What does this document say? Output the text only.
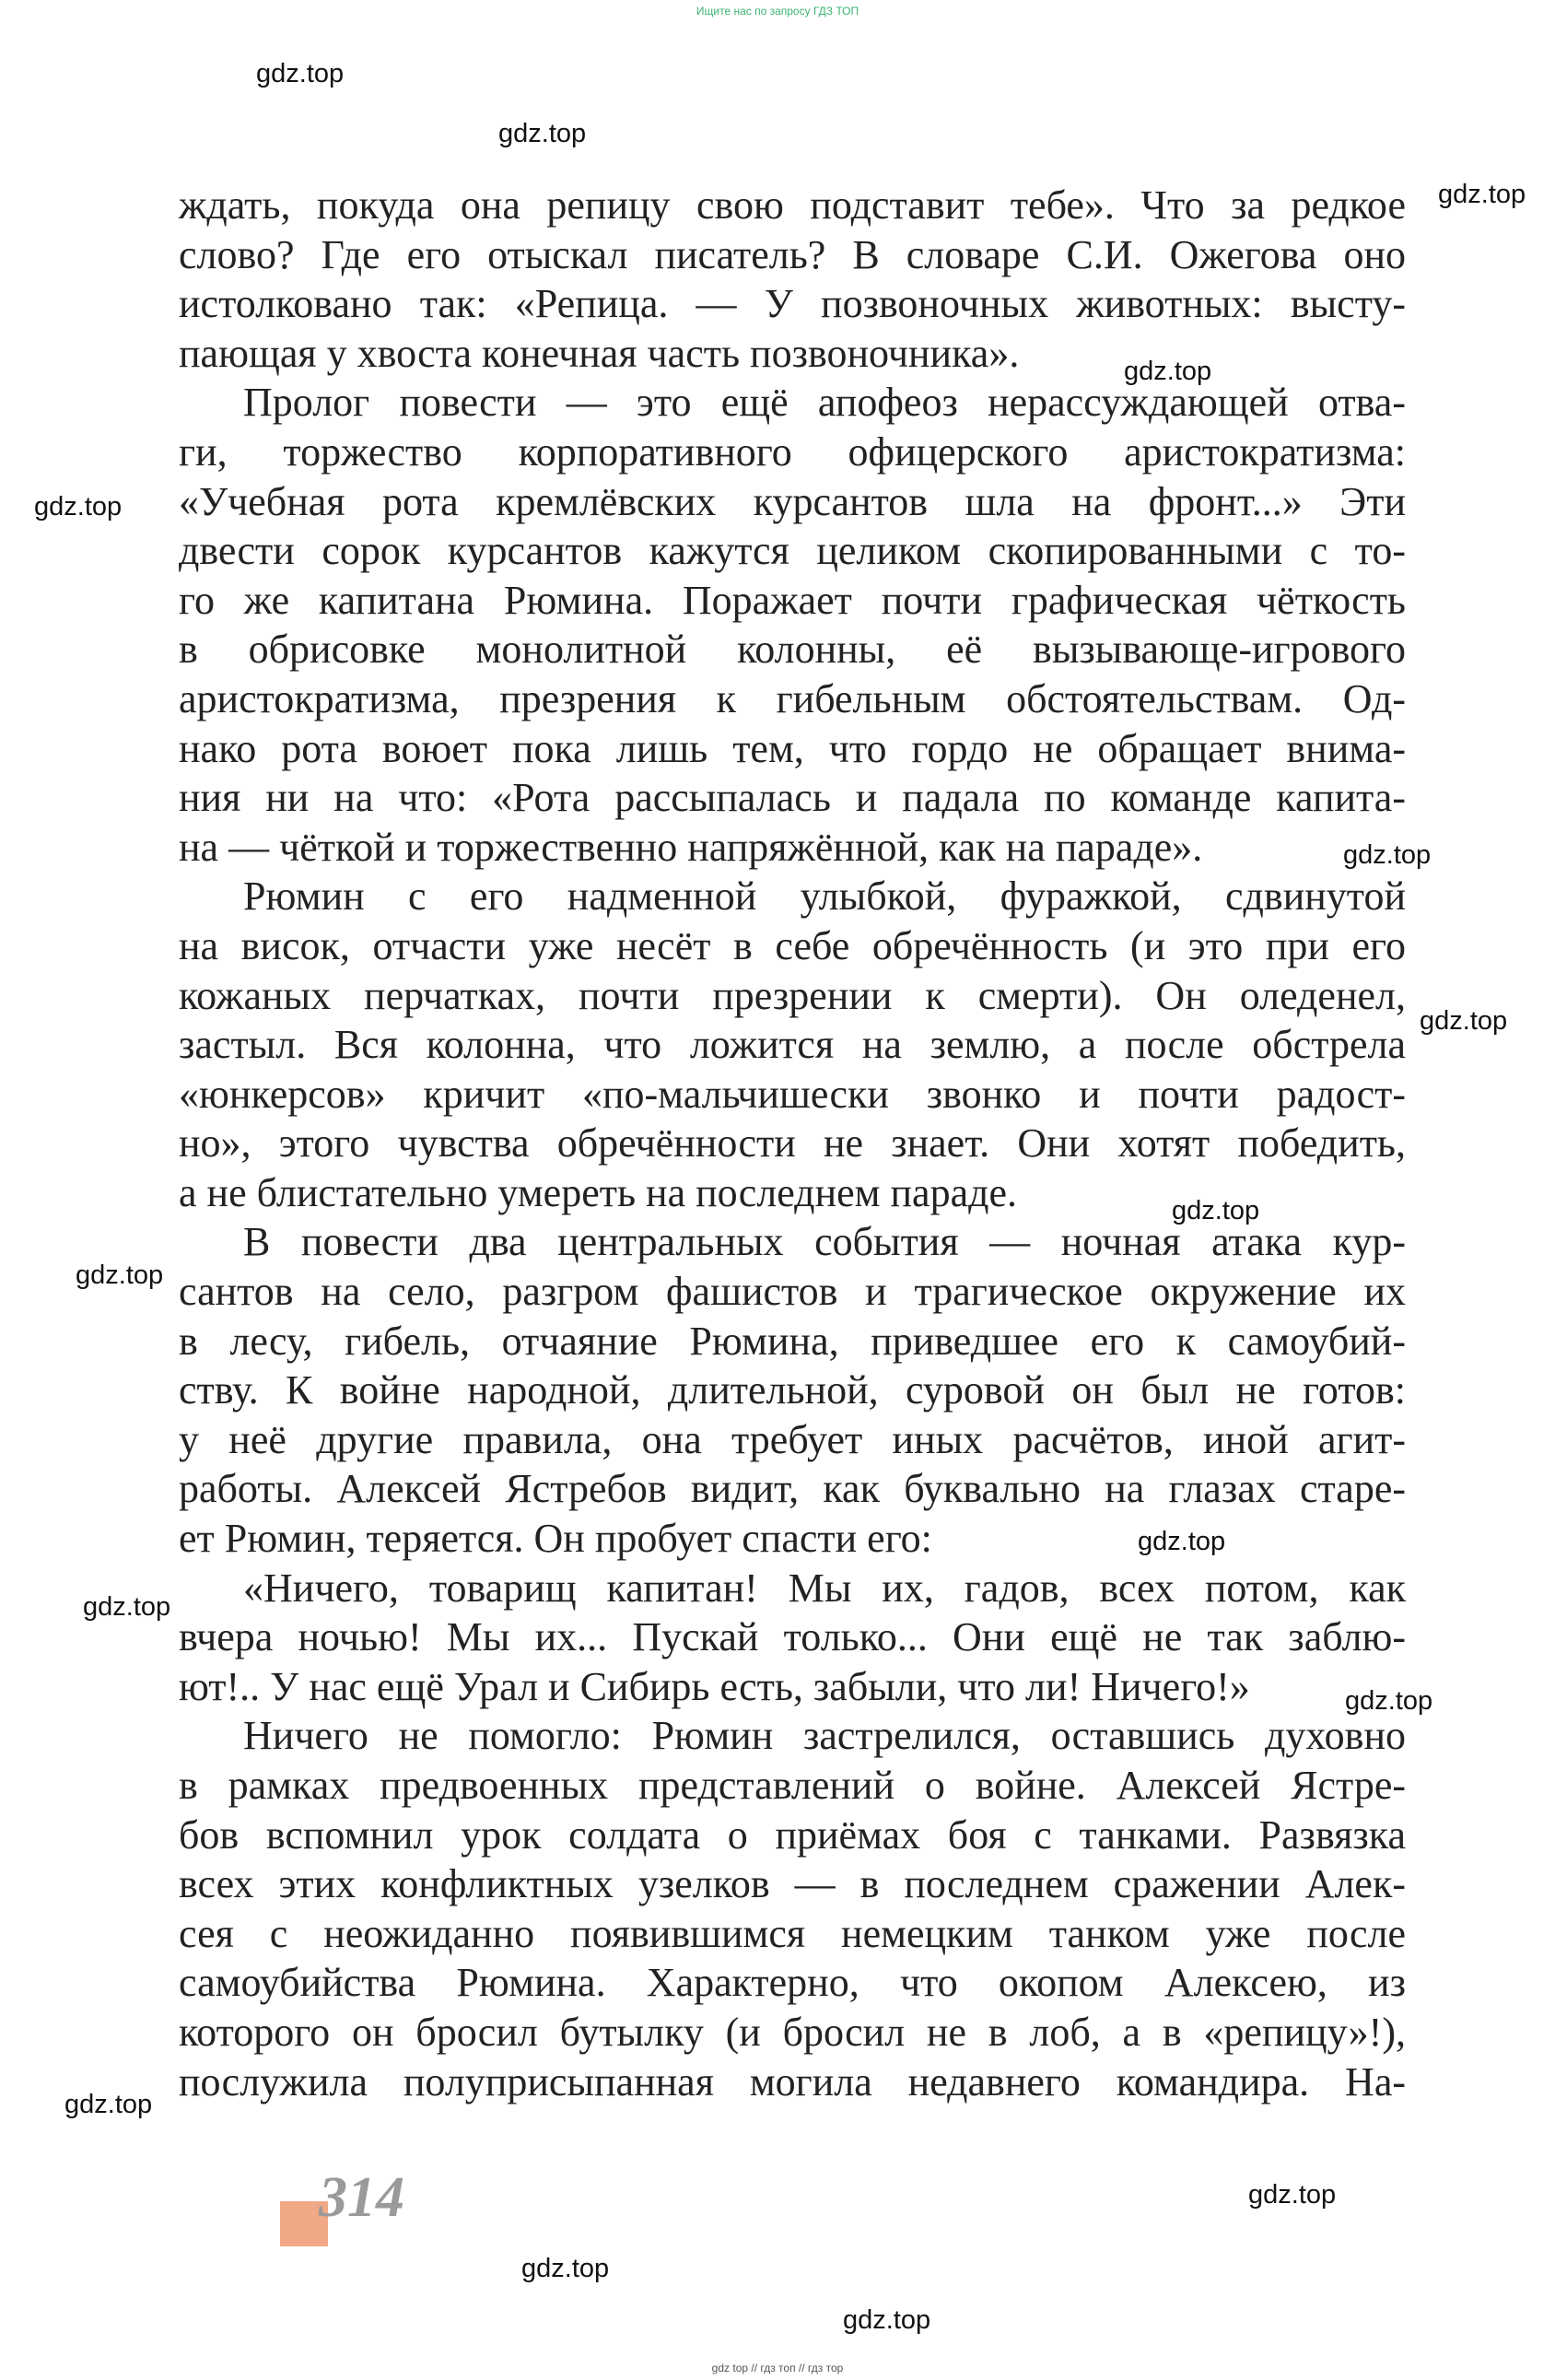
Ищите нас по запросу ГДЗ ТОП
ждать, покуда она репицу свою подставит тебе». Что за редкое
слово? Где его отыскал писатель? В словаре С.И. Ожегова оно
истолковано так: «Репица. — У позвоночных животных: высту-
пающая у хвоста конечная часть позвоночника».
Пролог повести — это ещё апофеоз нерассуждающей отва-
ги, торжество корпоративного офицерского аристократизма:
«Учебная рота кремлёвских курсантов шла на фронт...» Эти
двести сорок курсантов кажутся целиком скопированными с то-
го же капитана Рюмина. Поражает почти графическая чёткость
в обрисовке монолитной колонны, её вызывающе-игрового
аристократизма, презрения к гибельным обстоятельствам. Од-
нако рота воюет пока лишь тем, что гордо не обращает внима-
ния ни на что: «Рота рассыпалась и падала по команде капита-
на — чёткой и торжественно напряжённой, как на параде».
Рюмин с его надменной улыбкой, фуражкой, сдвинутой
на висок, отчасти уже несёт в себе обречённость (и это при его
кожаных перчатках, почти презрении к смерти). Он оледенел,
застыл. Вся колонна, что ложится на землю, а после обстрела
«юнкерсов» кричит «по-мальчишески звонко и почти радост-
но», этого чувства обречённости не знает. Они хотят победить,
а не блистательно умереть на последнем параде.
В повести два центральных события — ночная атака кур-
сантов на село, разгром фашистов и трагическое окружение их
в лесу, гибель, отчаяние Рюмина, приведшее его к самоубий-
ству. К войне народной, длительной, суровой он был не готов:
у неё другие правила, она требует иных расчётов, иной агит-
работы. Алексей Ястребов видит, как буквально на глазах старе-
ет Рюмин, теряется. Он пробует спасти его:
«Ничего, товарищ капитан! Мы их, гадов, всех потом, как
вчера ночью! Мы их... Пускай только... Они ещё не так заблю-
ют!.. У нас ещё Урал и Сибирь есть, забыли, что ли! Ничего!»
Ничего не помогло: Рюмин застрелился, оставшись духовно
в рамках предвоенных представлений о войне. Алексей Ястре-
бов вспомнил урок солдата о приёмах боя с танками. Развязка
всех этих конфликтных узелков — в последнем сражении Алек-
сея с неожиданно появившимся немецким танком уже после
самоубийства Рюмина. Характерно, что окопом Алексею, из
которого он бросил бутылку (и бросил не в лоб, а в «репицу»!),
послужила полуприсыпанная могила недавнего командира. На-
gdz.top
gdz.top
gdz.top
gdz.top
gdz.top
gdz.top
gdz.top
gdz.top
gdz.top
gdz.top
gdz.top
gdz.top
gdz.top
gdz.top
gdz.top
gdz.top
314
gdz top // гдз топ // гдз тор
